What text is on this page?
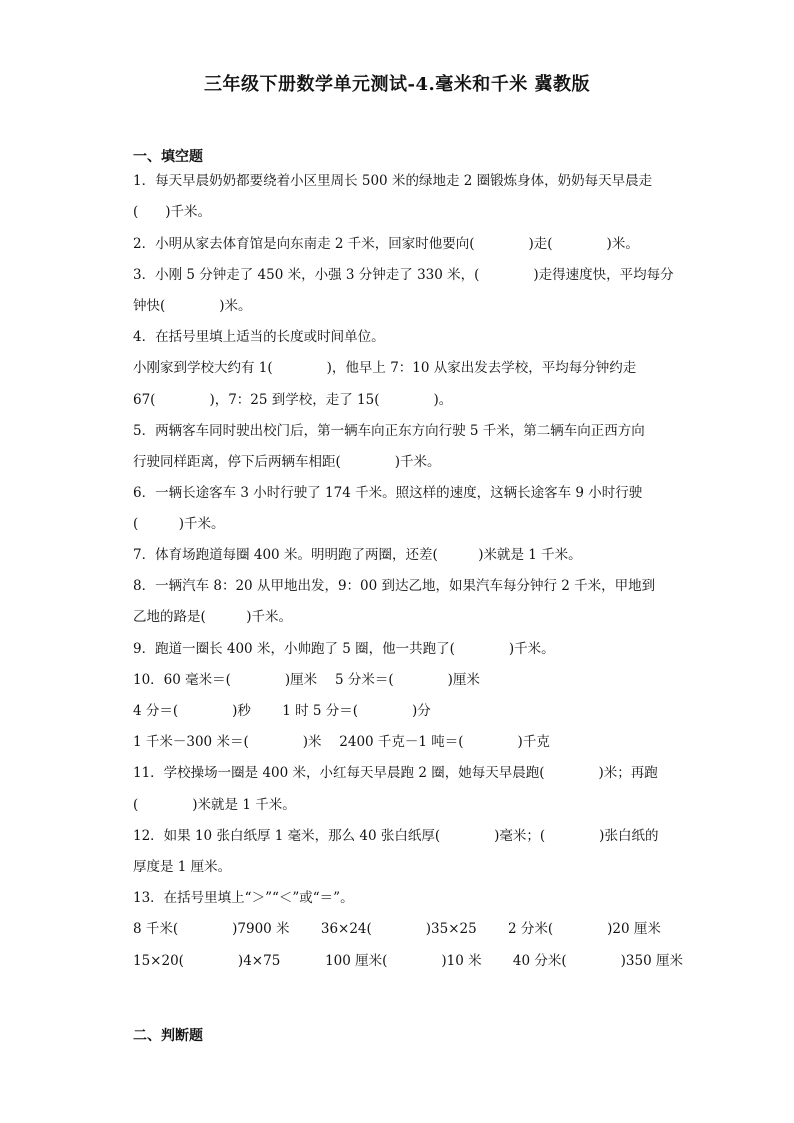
三年级下册数学单元测试-4.毫米和千米 冀教版
一、填空题
1．每天早晨奶奶都要绕着小区里周长 500 米的绿地走 2 圈锻炼身体，奶奶每天早晨走
(　　)千米。
2．小明从家去体育馆是向东南走 2 千米，回家时他要向(　　　　)走(　　　　)米。
3．小刚 5 分钟走了 450 米，小强 3 分钟走了 330 米，(　　　　)走得速度快，平均每分
钟快(　　　　)米。
4．在括号里填上适当的长度或时间单位。
小刚家到学校大约有 1(　　　　)，他早上 7：10 从家出发去学校，平均每分钟约走
67(　　　　)，7：25 到学校，走了 15(　　　　)。
5．两辆客车同时驶出校门后，第一辆车向正东方向行驶 5 千米，第二辆车向正西方向
行驶同样距离，停下后两辆车相距(　　　　)千米。
6．一辆长途客车 3 小时行驶了 174 千米。照这样的速度，这辆长途客车 9 小时行驶
(　　　)千米。
7．体育场跑道每圈 400 米。明明跑了两圈，还差(　　　)米就是 1 千米。
8．一辆汽车 8：20 从甲地出发，9：00 到达乙地，如果汽车每分钟行 2 千米，甲地到
乙地的路是(　　　)千米。
9．跑道一圈长 400 米，小帅跑了 5 圈，他一共跑了(　　　　)千米。
10．60 毫米＝(　　　　)厘米　 5 分米＝(　　　　)厘米
4 分＝(　　　　)秒　　 1 时 5 分＝(　　　　)分
1 千米－300 米＝(　　　　)米　 2400 千克－1 吨＝(　　　　)千克
11．学校操场一圈是 400 米，小红每天早晨跑 2 圈，她每天早晨跑(　　　　)米；再跑
(　　　　)米就是 1 千米。
12．如果 10 张白纸厚 1 毫米，那么 40 张白纸厚(　　　　)毫米；(　　　　)张白纸的
厚度是 1 厘米。
13．在括号里填上“＞”“＜”或“＝”。
8 千米(　　　　)7900 米　　 36×24(　　　　)35×25　　 2 分米(　　　　)20 厘米
15×20(　　　　)4×75　　　 100 厘米(　　　　)10 米　　 40 分米(　　　　)350 厘米
二、判断题
